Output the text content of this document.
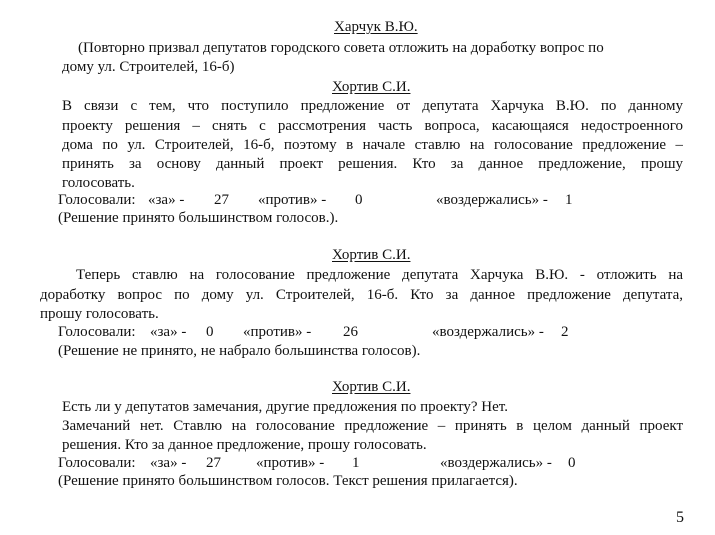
Харчук В.Ю.
(Повторно призвал депутатов городского совета отложить на доработку вопрос по
дому ул. Строителей, 16-б)
Хортив С.И.
В связи с тем, что поступило предложение от депутата Харчука В.Ю. по данному
проекту решения – снять с рассмотрения часть вопроса, касающаяся недостроенного
дома по ул. Строителей, 16-б, поэтому в начале ставлю на голосование предложение –
принять за основу данный проект решения. Кто за данное предложение, прошу
голосовать.
Голосовали: «за» - 27 «против» - 0	«воздержались» - 1
(Решение принято большинством голосов.).
Хортив С.И.
Теперь ставлю на голосование предложение депутата Харчука В.Ю. - отложить на
доработку вопрос по дому ул. Строителей, 16-б. Кто за данное предложение депутата,
прошу голосовать.
Голосовали: «за» - 0 «против» - 26	«воздержались» - 2
(Решение не принято, не набрало большинства голосов).
Хортив С.И.
Есть ли у депутатов замечания, другие предложения по проекту? Нет.
Замечаний нет. Ставлю на голосование предложение – принять в целом данный проект
решения. Кто за данное предложение, прошу голосовать.
Голосовали: «за» - 27 «против» - 1	«воздержались» - 0
(Решение принято большинством голосов. Текст решения прилагается).
5
